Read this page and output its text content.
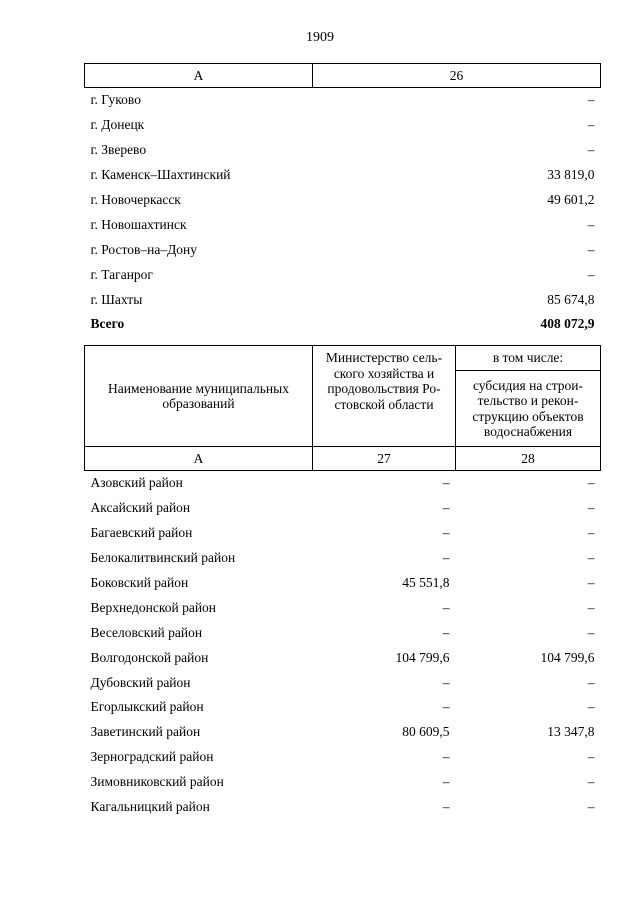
1909
А	26
г. Гуково	–
г. Донецк	–
г. Зверево	–
г. Каменск–Шахтинский	33 819,0
г. Новочеркасск	49 601,2
г. Новошахтинск	–
г. Ростов–на–Дону	–
г. Таганрог	–
г. Шахты	85 674,8
Всего	408 072,9
Наименование муниципальных образований	Министерство сель-ского хозяйства и продовольствия Ро-стовской области	в том числе:
		субсидия на строи-тельство и рекон-струкцию объектов водоснабжения
А	27	28
Азовский район	–	–
Аксайский район	–	–
Багаевский район	–	–
Белокалитвинский район	–	–
Боковский район	45 551,8	–
Верхнедонской район	–	–
Веселовский район	–	–
Волгодонской район	104 799,6	104 799,6
Дубовский район	–	–
Егорлыкский район	–	–
Заветинский район	80 609,5	13 347,8
Зерноградский район	–	–
Зимовниковский район	–	–
Кагальницкий район	–	–
